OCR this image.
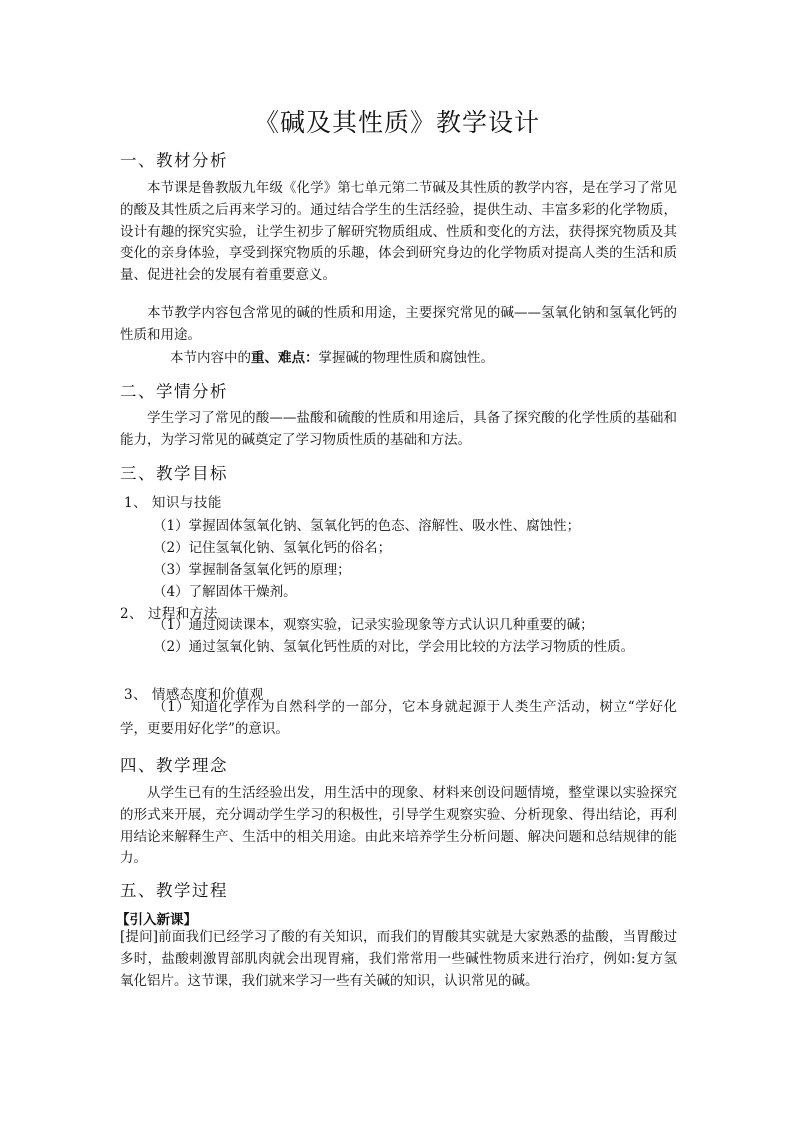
《碱及其性质》教学设计
一、教材分析
本节课是鲁教版九年级《化学》第七单元第二节碱及其性质的教学内容，是在学习了常见的酸及其性质之后再来学习的。通过结合学生的生活经验，提供生动、丰富多彩的化学物质，设计有趣的探究实验，让学生初步了解研究物质组成、性质和变化的方法，获得探究物质及其变化的亲身体验，享受到探究物质的乐趣，体会到研究身边的化学物质对提高人类的生活和质量、促进社会的发展有着重要意义。
本节教学内容包含常见的碱的性质和用途，主要探究常见的碱——氢氧化钠和氢氧化钙的性质和用途。
本节内容中的重、难点：掌握碱的物理性质和腐蚀性。
二、学情分析
学生学习了常见的酸——盐酸和硫酸的性质和用途后，具备了探究酸的化学性质的基础和能力，为学习常见的碱奠定了学习物质性质的基础和方法。
三、教学目标
1、 知识与技能
（1）掌握固体氢氧化钠、氢氧化钙的色态、溶解性、吸水性、腐蚀性；
（2）记住氢氧化钠、氢氧化钙的俗名；
（3）掌握制备氢氧化钙的原理；
（4）了解固体干燥剂。
2、 过程和方法
（1）通过阅读课本，观察实验，记录实验现象等方式认识几种重要的碱；
（2）通过氢氧化钠、氢氧化钙性质的对比，学会用比较的方法学习物质的性质。
3、 情感态度和价值观
（1）知道化学作为自然科学的一部分，它本身就起源于人类生产活动，树立“学好化学，更要用好化学”的意识。
四、教学理念
从学生已有的生活经验出发，用生活中的现象、材料来创设问题情境，整堂课以实验探究的形式来开展，充分调动学生学习的积极性，引导学生观察实验、分析现象、得出结论，再利用结论来解释生产、生活中的相关用途。由此来培养学生分析问题、解决问题和总结规律的能力。
五、教学过程
【引入新课】
[提问]前面我们已经学习了酸的有关知识，而我们的胃酸其实就是大家熟悉的盐酸，当胃酸过多时，盐酸刺激胃部肌肉就会出现胃痛，我们常常用一些碱性物质来进行治疗，例如:复方氢氧化铝片。这节课，我们就来学习一些有关碱的知识，认识常见的碱。
